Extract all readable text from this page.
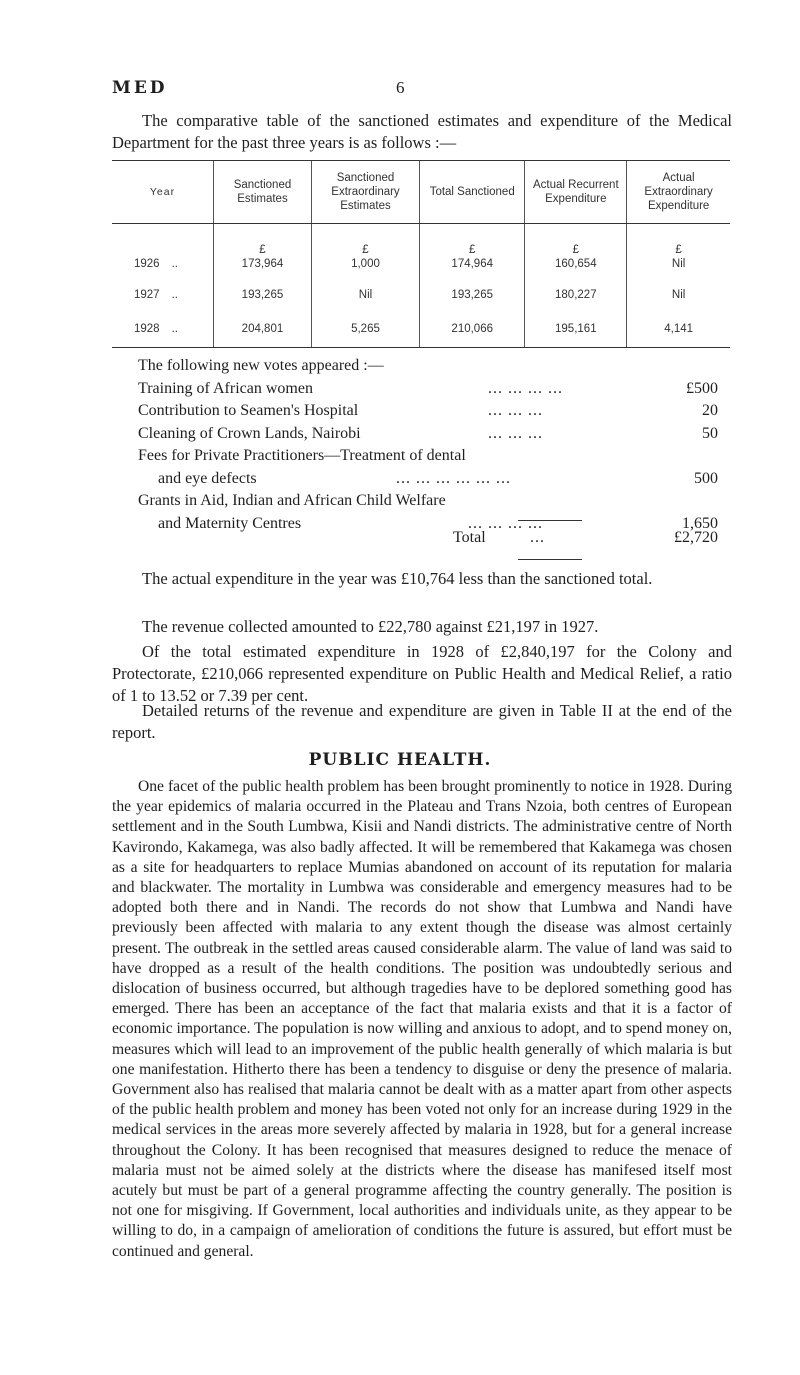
MED	6

The comparative table of the sanctioned estimates and expenditure of the Medical Department for the past three years is as follows :—

Year	Sanctioned Estimates	Sanctioned Extraordinary Estimates	Total Sanctioned	Actual Recurrent Expenditure	Actual Extraordinary Expenditure
	£	£	£	£	£
1926 ..	173,964	1,000	174,964	160,654	Nil
1927 ..	193,265	Nil	193,265	180,227	Nil
1928 ..	204,801	5,265	210,066	195,161	4,141
The following new votes appeared :—
Training of African women	... ... ... ...	£500
Contribution to Seamen's Hospital	... ... ...	20
Cleaning of Crown Lands, Nairobi	... ... ...	50
Fees for Private Practitioners—Treatment of dental
and eye defects	... ... ... ... ... ...	500
Grants in Aid, Indian and African Child Welfare
and Maternity Centres	... ... ... ...	1,650
Total	...	£2,720

The actual expenditure in the year was £10,764 less than the sanctioned total.

The revenue collected amounted to £22,780 against £21,197 in 1927.

Of the total estimated expenditure in 1928 of £2,840,197 for the Colony and Protectorate, £210,066 represented expenditure on Public Health and Medical Relief, a ratio of 1 to 13.52 or 7.39 per cent.

PUBLIC HEALTH.

Detailed returns of the revenue and expenditure are given in Table II at the end of the report.

One facet of the public health problem has been brought prominently to notice in 1928. During the year epidemics of malaria occurred in the Plateau and Trans Nzoia, both centres of European settlement and in the South Lumbwa, Kisii and Nandi districts. The administrative centre of North Kavirondo, Kakamega, was also badly affected. It will be remembered that Kakamega was chosen as a site for headquarters to replace Mumias abandoned on account of its reputation for malaria and blackwater. The mortality in Lumbwa was considerable and emergency measures had to be adopted both there and in Nandi. The records do not show that Lumbwa and Nandi have previously been affected with malaria to any extent though the disease was almost certainly present. The outbreak in the settled areas caused considerable alarm. The value of land was said to have dropped as a result of the health conditions. The position was undoubtedly serious and dislocation of business occurred, but although tragedies have to be deplored something good has emerged. There has been an acceptance of the fact that malaria exists and that it is a factor of economic importance. The population is now willing and anxious to adopt, and to spend money on, measures which will lead to an improvement of the public health generally of which malaria is but one manifestation. Hitherto there has been a tendency to disguise or deny the presence of malaria. Government also has realised that malaria cannot be dealt with as a matter apart from other aspects of the public health problem and money has been voted not only for an increase during 1929 in the medical services in the areas more severely affected by malaria in 1928, but for a general increase throughout the Colony. It has been recognised that measures designed to reduce the menace of malaria must not be aimed solely at the districts where the disease has manifesed itself most acutely but must be part of a general programme affecting the country generally. The position is not one for misgiving. If Government, local authorities and individuals unite, as they appear to be willing to do, in a campaign of amelioration of conditions the future is assured, but effort must be continued and general.
